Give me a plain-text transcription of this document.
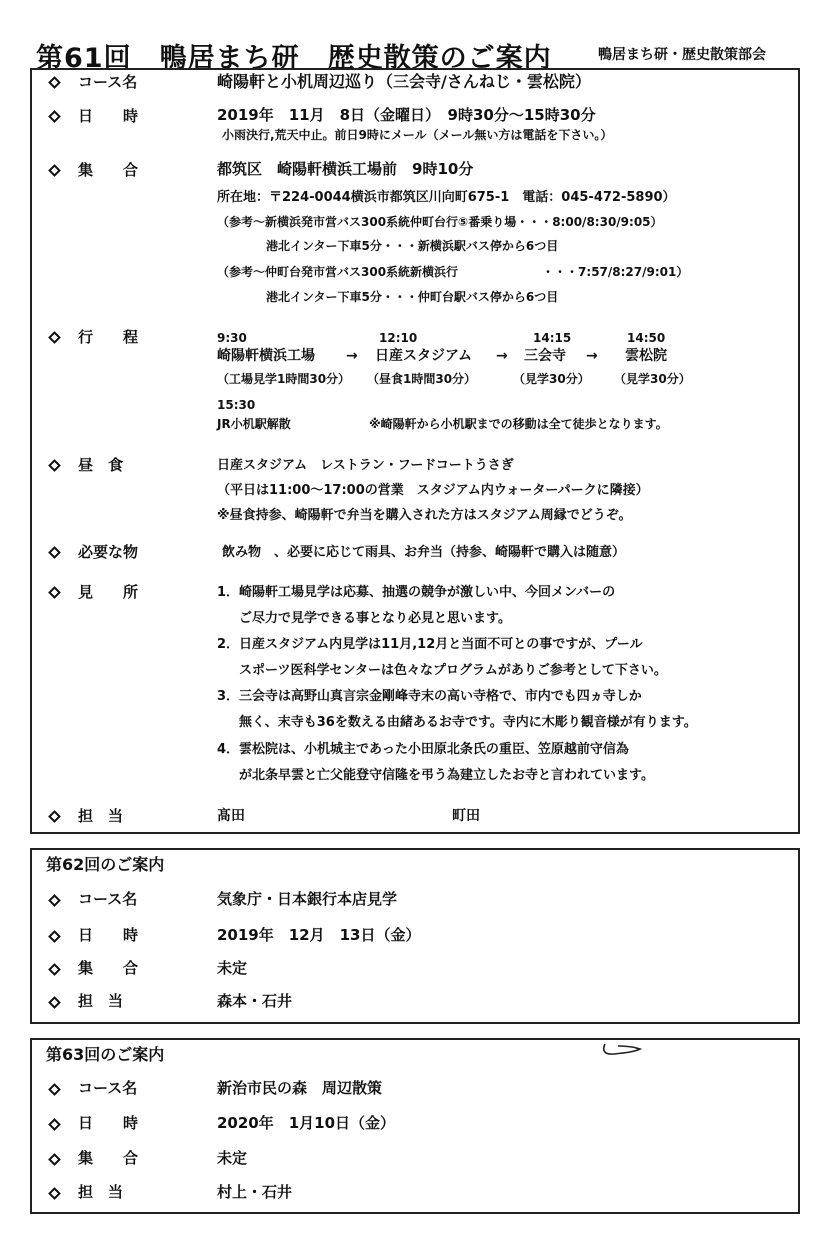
第61回　鴨居まち研　歴史散策のご案内	鴨居まち研・歴史散策部会
コース名	崎陽軒と小机周辺巡り（三会寺/さんねじ・雲松院）
日　　時	2019年　11月　8日（金曜日）　9時30分～15時30分
小雨決行,荒天中止。前日9時にメール（メール無い方は電話を下さい。）
集　　合	都筑区　崎陽軒横浜工場前　9時10分
所在地：〒224-0044横浜市都筑区川向町675-1　電話：045-472-5890）
（参考～新横浜発市営バス300系統仲町台行⑤番乗り場・・・8:00/8:30/9:05）
港北インター下車5分・・・新横浜駅バス停から6つ目
（参考～仲町台発市営バス300系統新横浜行　　　　　　　・・・7:57/8:27/9:01）
港北インター下車5分・・・仲町台駅バス停から6つ目
行　　程	9:30	12:10	14:15	14:50
崎陽軒横浜工場 → 日産スタジアム → 三会寺 → 雲松院
（工場見学1時間30分） （昼食1時間30分）	（見学30分） （見学30分）
15:30
JR小机駅解散	※崎陽軒から小机駅までの移動は全て徒歩となります。
昼　食	日産スタジアム　レストラン・フードコートうさぎ
（平日は11:00～17:00の営業　スタジアム内ウォーターパークに隣接）
※昼食持参、崎陽軒で弁当を購入された方はスタジアム周縁でどうぞ。
必要な物	飲み物　、必要に応じて雨具、お弁当（持参、崎陽軒で購入は随意）
見　　所	1．崎陽軒工場見学は応募、抽選の競争が激しい中、今回メンバーの
ご尽力で見学できる事となり必見と思います。
2．日産スタジアム内見学は11月,12月と当面不可との事ですが、プール
スポーツ医科学センターは色々なプログラムがありご参考として下さい。
3．三会寺は高野山真言宗金剛峰寺末の高い寺格で、市内でも四ヵ寺しか
無く、末寺も36を数える由緒あるお寺です。寺内に木彫り観音様が有ります。
4．雲松院は、小机城主であった小田原北条氏の重臣、笠原越前守信為
が北条早雲と亡父能登守信隆を弔う為建立したお寺と言われています。
担　当	髙田	町田
第62回のご案内
コース名	気象庁・日本銀行本店見学
日　　時	2019年　12月　13日（金）
集　　合	未定
担　当	森本・石井
第63回のご案内
コース名	新治市民の森　周辺散策
日　　時	2020年　1月10日（金）
集　　合	未定
担　当	村上・石井
